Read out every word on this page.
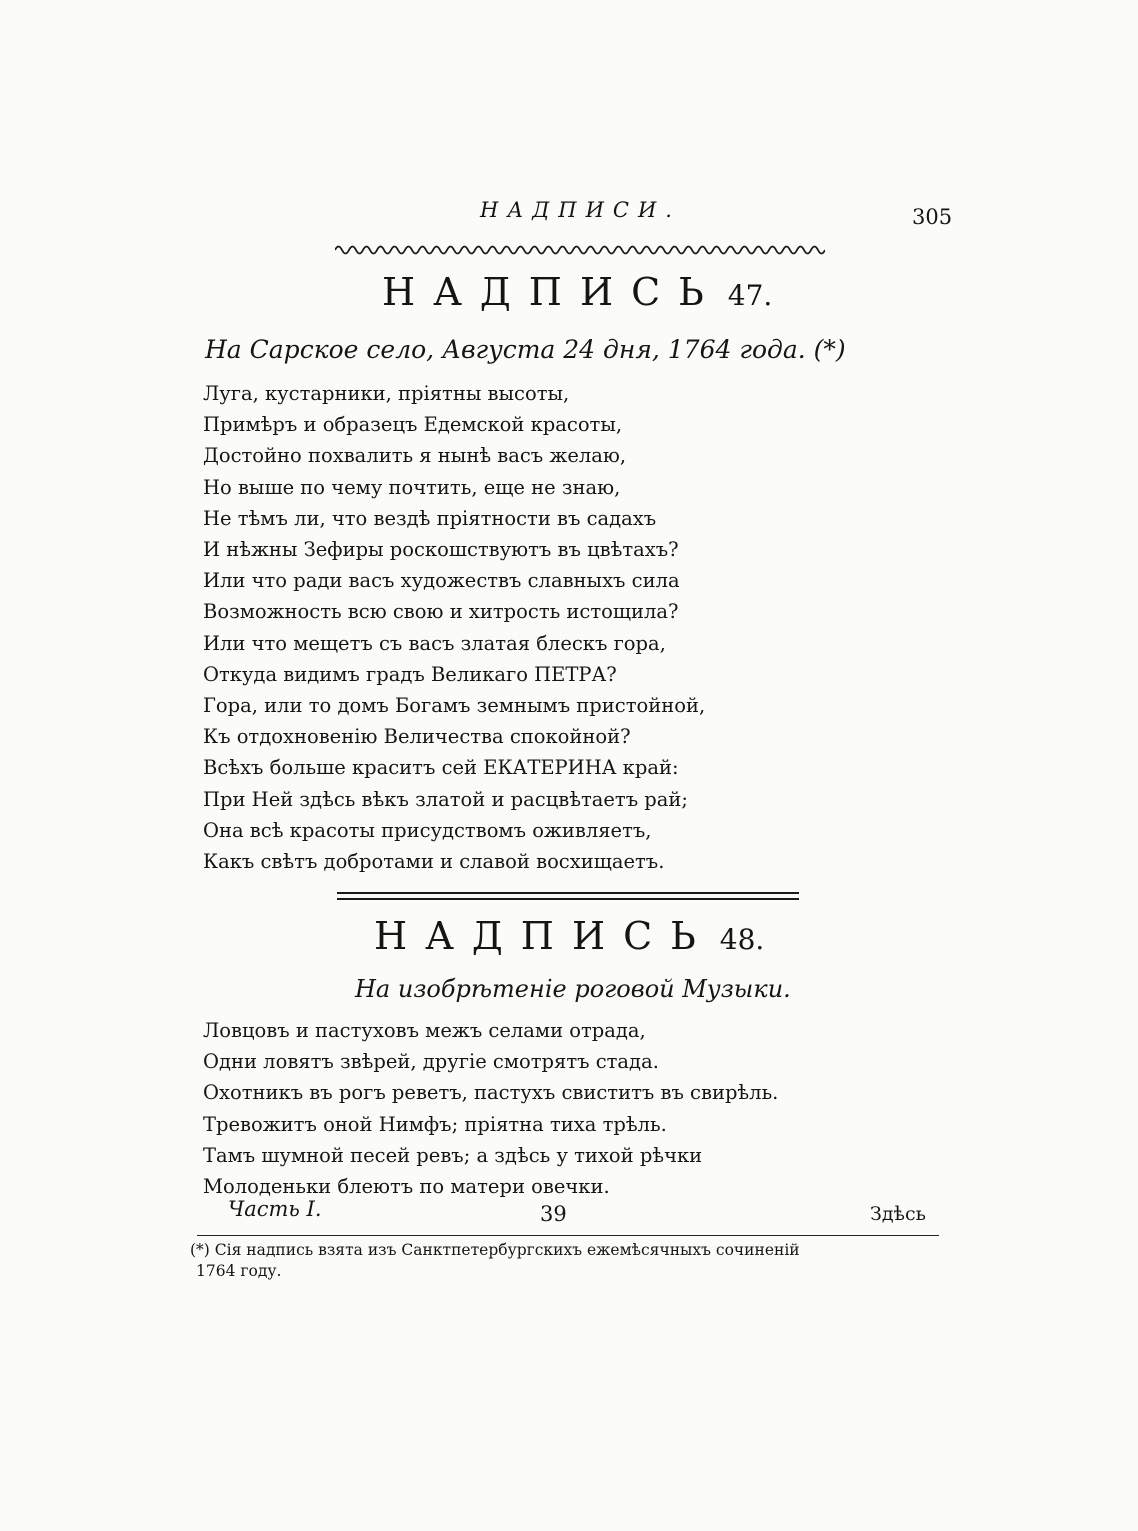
НАДПИСИ.	305
НАДПИСЬ 47.
На Сарское село, Августа 24 дня, 1764 года. (*)
Луга, кустарники, пріятны высоты,
Примѣръ и образецъ Едемской красоты,
Достойно похвалить я нынѣ васъ желаю,
Но выше по чему почтить, еще не знаю,
Не тѣмъ ли, что вездѣ пріятности въ садахъ
И нѣжны Зефиры роскошствуютъ въ цвѣтахъ?
Или что ради васъ художествъ славныхъ сила
Возможность всю свою и хитрость истощила?
Или что мещетъ съ васъ златая блескъ гора,
Откуда видимъ градъ Великаго ПЕТРА?
Гора, или то домъ Богамъ земнымъ пристойной,
Къ отдохновенію Величества спокойной?
Всѣхъ больше краситъ сей ЕКАТЕРИНА край:
При Ней здѣсь вѣкъ златой и расцвѣтаетъ рай;
Она всѣ красоты присудствомъ оживляетъ,
Какъ свѣтъ добротами и славой восхищаетъ.
НАДПИСЬ 48.
На изобрѣтеніе роговой Музыки.
Ловцовъ и пастуховъ межъ селами отрада,
Одни ловятъ звѣрей, другіе смотрятъ стада.
Охотникъ въ рогъ реветъ, пастухъ свиститъ въ свирѣль.
Тревожитъ оной Нимфъ; пріятна тиха трѣль.
Тамъ шумной песей ревъ; а здѣсь у тихой рѣчки
Молоденьки блеютъ по матери овечки.
Часть I.	39	Здѣсь
(*) Сія надпись взята изъ Санктпетербургскихъ ежемѣсячныхъ сочиненій
1764 году.
